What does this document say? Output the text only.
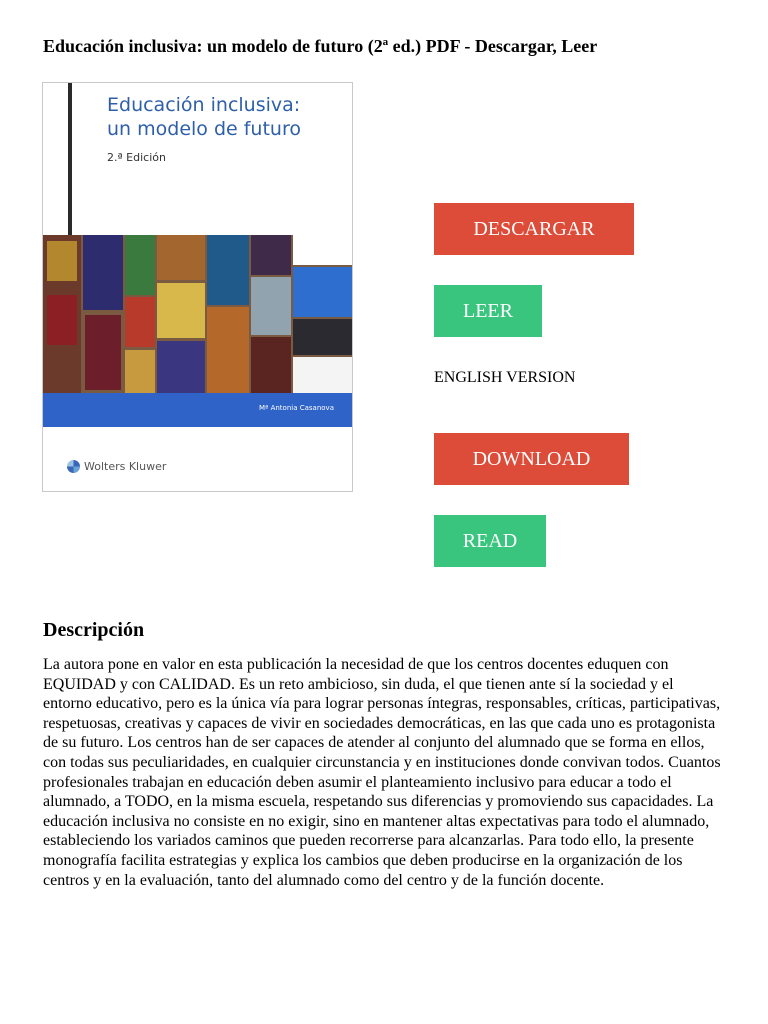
Educación inclusiva: un modelo de futuro (2ª ed.) PDF - Descargar, Leer
Educación inclusiva:
un modelo de futuro
2.ª Edición
Mª Antonia Casanova
Wolters Kluwer
DESCARGAR
LEER
ENGLISH VERSION
DOWNLOAD
READ
Descripción
La autora pone en valor en esta publicación la necesidad de que los centros docentes eduquen con EQUIDAD y con CALIDAD. Es un reto ambicioso, sin duda, el que tienen ante sí la sociedad y el entorno educativo, pero es la única vía para lograr personas íntegras, responsables, críticas, participativas, respetuosas, creativas y capaces de vivir en sociedades democráticas, en las que cada uno es protagonista de su futuro. Los centros han de ser capaces de atender al conjunto del alumnado que se forma en ellos, con todas sus peculiaridades, en cualquier circunstancia y en instituciones donde convivan todos. Cuantos profesionales trabajan en educación deben asumir el planteamiento inclusivo para educar a todo el alumnado, a TODO, en la misma escuela, respetando sus diferencias y promoviendo sus capacidades. La educación inclusiva no consiste en no exigir, sino en mantener altas expectativas para todo el alumnado, estableciendo los variados caminos que pueden recorrerse para alcanzarlas. Para todo ello, la presente monografía facilita estrategias y explica los cambios que deben producirse en la organización de los centros y en la evaluación, tanto del alumnado como del centro y de la función docente.
